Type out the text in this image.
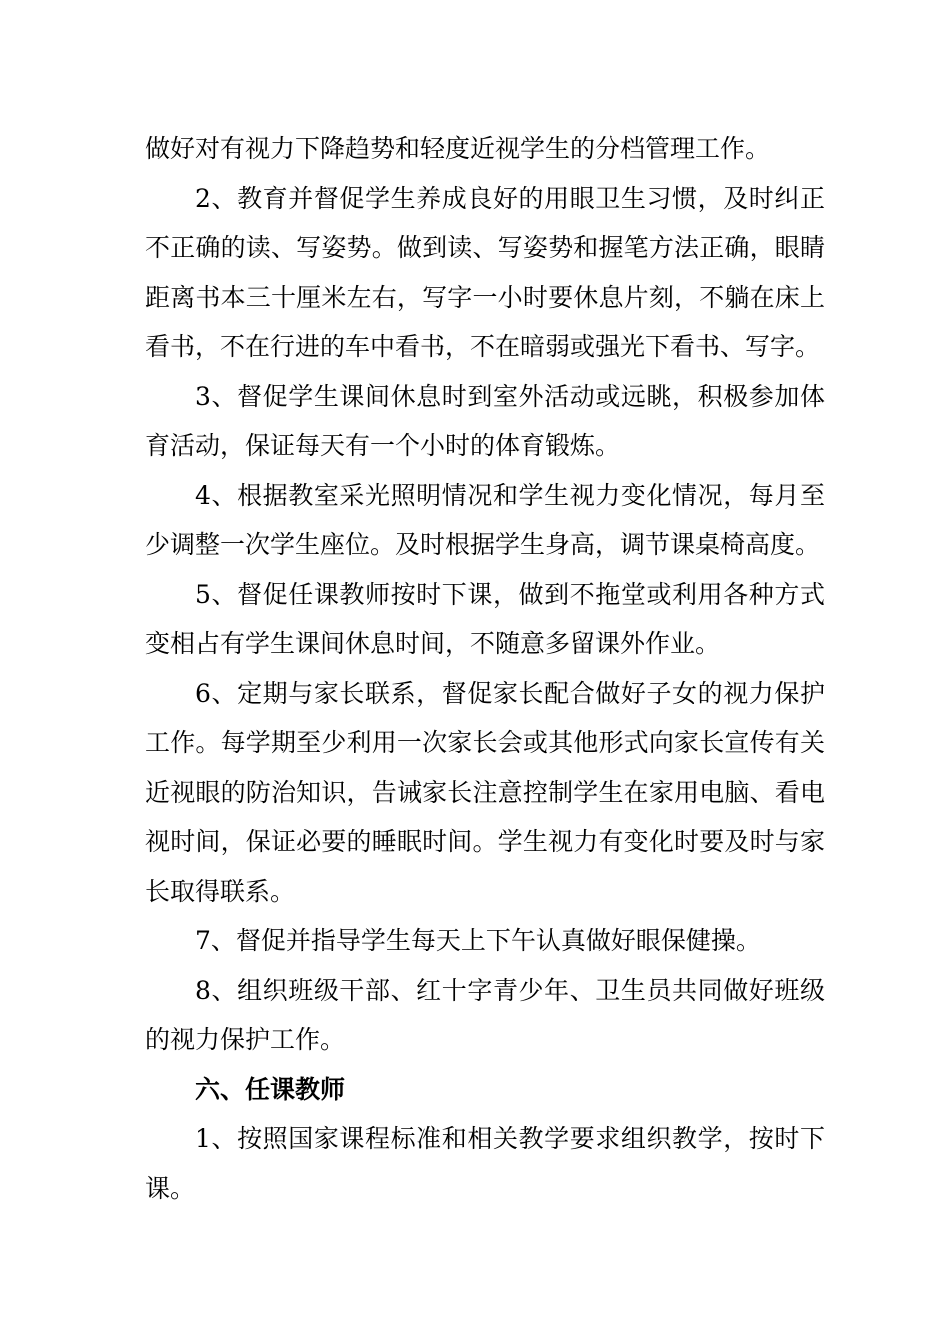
做好对有视力下降趋势和轻度近视学生的分档管理工作。

2、教育并督促学生养成良好的用眼卫生习惯，及时纠正不正确的读、写姿势。做到读、写姿势和握笔方法正确，眼睛距离书本三十厘米左右，写字一小时要休息片刻，不躺在床上看书，不在行进的车中看书，不在暗弱或强光下看书、写字。

3、督促学生课间休息时到室外活动或远眺，积极参加体育活动，保证每天有一个小时的体育锻炼。

4、根据教室采光照明情况和学生视力变化情况，每月至少调整一次学生座位。及时根据学生身高，调节课桌椅高度。

5、督促任课教师按时下课，做到不拖堂或利用各种方式变相占有学生课间休息时间，不随意多留课外作业。

6、定期与家长联系，督促家长配合做好子女的视力保护工作。每学期至少利用一次家长会或其他形式向家长宣传有关近视眼的防治知识，告诫家长注意控制学生在家用电脑、看电视时间，保证必要的睡眠时间。学生视力有变化时要及时与家长取得联系。

7、督促并指导学生每天上下午认真做好眼保健操。

8、组织班级干部、红十字青少年、卫生员共同做好班级的视力保护工作。

六、任课教师

1、按照国家课程标准和相关教学要求组织教学，按时下课。
